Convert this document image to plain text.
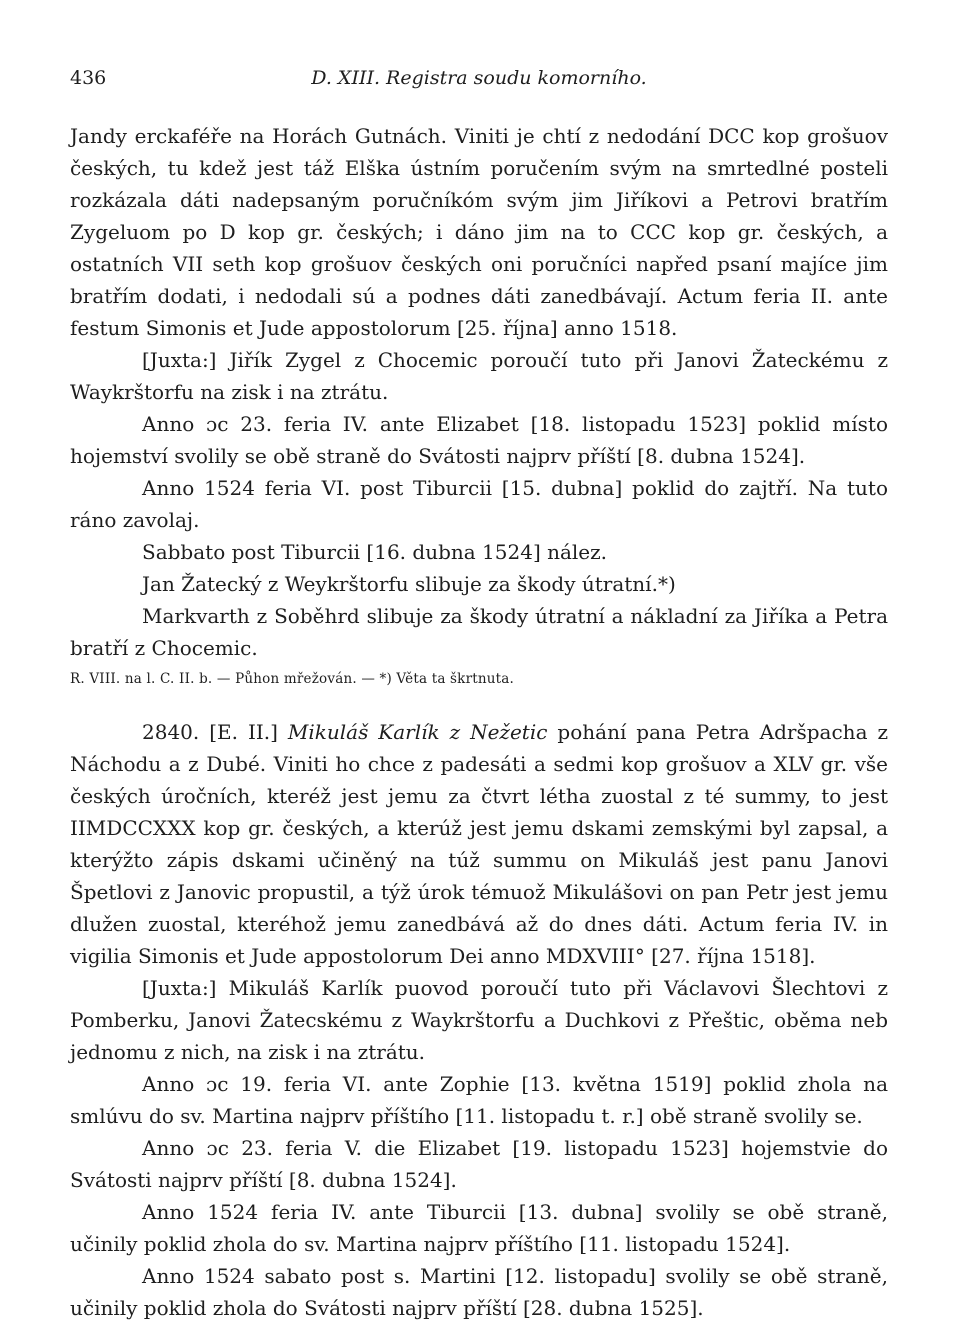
436	D. XIII. Registra soudu komorního.

Jandy erckaféře na Horách Gutnách. Viniti je chtí z nedodání DCC kop grošuov českých, tu kdež jest táž Elška ústním poručením svým na smrtedlné posteli rozkázala dáti nadepsaným poručníkóm svým jim Jiříkovi a Petrovi bratřím Zygeluom po D kop gr. českých; i dáno jim na to CCC kop gr. českých, a ostatních VII seth kop grošuov českých oni poručníci napřed psaní majíce jim bratřím dodati, i nedodali sú a podnes dáti zanedbávají. Actum feria II. ante festum Simonis et Jude appostolorum [25. října] anno 1518.

[Juxta:] Jiřík Zygel z Chocemic poroučí tuto při Janovi Žateckému z Waykrštorfu na zisk i na ztrátu.

Anno ɔc 23. feria IV. ante Elizabet [18. listopadu 1523] poklid místo hojemství svolily se obě straně do Svátosti najprv příští [8. dubna 1524].

Anno 1524 feria VI. post Tiburcii [15. dubna] poklid do zajtří. Na tuto ráno zavolaj.

Sabbato post Tiburcii [16. dubna 1524] nález.

Jan Žatecký z Weykrštorfu slibuje za škody útratní.*)

Markvarth z Soběhrd slibuje za škody útratní a nákladní za Jiříka a Petra bratří z Chocemic.

R. VIII. na l. C. II. b. — Půhon mřežován. — *) Věta ta škrtnuta.

2840. [E. II.] Mikuláš Karlík z Nežetic pohání pana Petra Adršpacha z Náchodu a z Dubé. Viniti ho chce z padesáti a sedmi kop grošuov a XLV gr. vše českých úročních, kteréž jest jemu za čtvrt létha zuostal z té summy, to jest IIMDCCXXX kop gr. českých, a kterúž jest jemu dskami zemskými byl zapsal, a kterýžto zápis dskami učiněný na túž summu on Mikuláš jest panu Janovi Špetlovi z Janovic propustil, a týž úrok témuož Mikulášovi on pan Petr jest jemu dlužen zuostal, kteréhož jemu zanedbává až do dnes dáti. Actum feria IV. in vigilia Simonis et Jude appostolorum Dei anno MDXVIII° [27. října 1518].

[Juxta:] Mikuláš Karlík puovod poroučí tuto při Václavovi Šlechtovi z Pomberku, Janovi Žatecskému z Waykrštorfu a Duchkovi z Přeštic, oběma neb jednomu z nich, na zisk i na ztrátu.

Anno ɔc 19. feria VI. ante Zophie [13. května 1519] poklid zhola na smlúvu do sv. Martina najprv příštího [11. listopadu t. r.] obě straně svolily se.

Anno ɔc 23. feria V. die Elizabet [19. listopadu 1523] hojemstvie do Svátosti najprv příští [8. dubna 1524].

Anno 1524 feria IV. ante Tiburcii [13. dubna] svolily se obě straně, učinily poklid zhola do sv. Martina najprv příštího [11. listopadu 1524].

Anno 1524 sabato post s. Martini [12. listopadu] svolily se obě straně, učinily poklid zhola do Svátosti najprv příští [28. dubna 1525].
